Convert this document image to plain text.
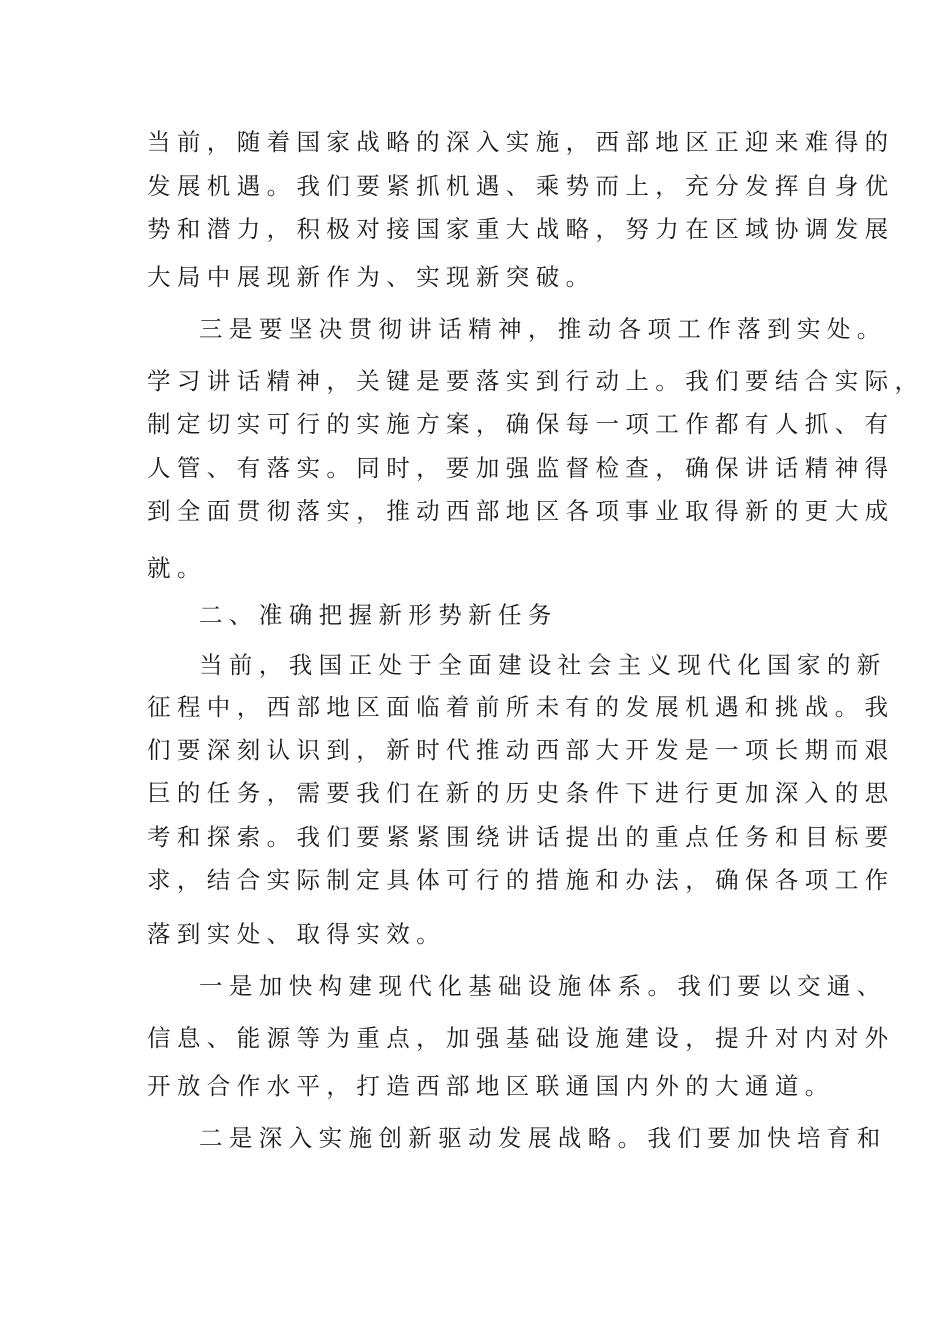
当前，随着国家战略的深入实施，西部地区正迎来难得的

发展机遇。我们要紧抓机遇、乘势而上，充分发挥自身优

势和潜力，积极对接国家重大战略，努力在区域协调发展

大局中展现新作为、实现新突破。

三是要坚决贯彻讲话精神，推动各项工作落到实处。

学习讲话精神，关键是要落实到行动上。我们要结合实际，

制定切实可行的实施方案，确保每一项工作都有人抓、有

人管、有落实。同时，要加强监督检查，确保讲话精神得

到全面贯彻落实，推动西部地区各项事业取得新的更大成

就。

二、准确把握新形势新任务

当前，我国正处于全面建设社会主义现代化国家的新

征程中，西部地区面临着前所未有的发展机遇和挑战。我

们要深刻认识到，新时代推动西部大开发是一项长期而艰

巨的任务，需要我们在新的历史条件下进行更加深入的思

考和探索。我们要紧紧围绕讲话提出的重点任务和目标要

求，结合实际制定具体可行的措施和办法，确保各项工作

落到实处、取得实效。

一是加快构建现代化基础设施体系。我们要以交通、

信息、能源等为重点，加强基础设施建设，提升对内对外

开放合作水平，打造西部地区联通国内外的大通道。

二是深入实施创新驱动发展战略。我们要加快培育和
